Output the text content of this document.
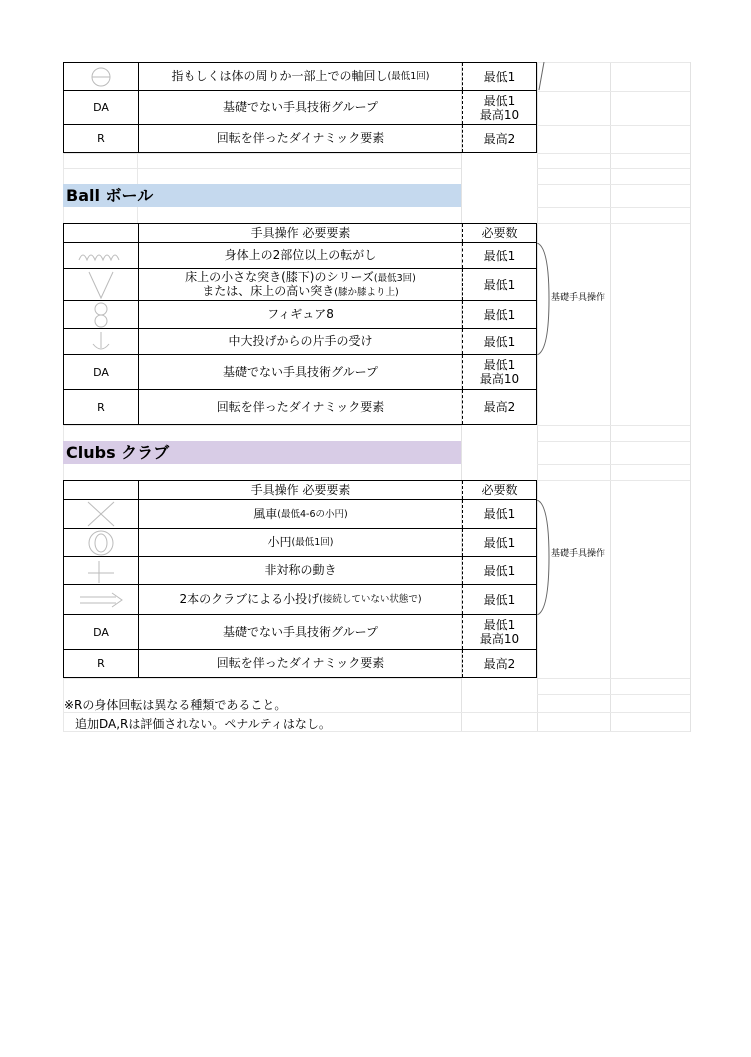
指もしくは体の周りか一部上での軸回し (最低1回)	最低1
DA	基礎でない手具技術グループ	最低1
最高10
R	回転を伴ったダイナミック要素	最高2
Ball ボール
手具操作 必要要素	必要数
身体上の2部位以上の転がし	最低1
床上の小さな突き(膝下)のシリーズ(最低3回)
または、床上の高い突き(膝か膝より上)
最低1
フィギュア8	最低1
中大投げからの片手の受け	最低1
DA	基礎でない手具技術グループ	最低1
最高10
R	回転を伴ったダイナミック要素	最高2
基礎手具操作
Clubs クラブ
手具操作 必要要素	必要数
風車 (最低4-6の小円)	最低1
小円 (最低1回)	最低1
非対称の動き	最低1
2本のクラブによる小投げ (接続していない状態で)	最低1
DA	基礎でない手具技術グループ	最低1
最高10
R	回転を伴ったダイナミック要素	最高2
基礎手具操作
※Rの身体回転は異なる種類であること。
追加DA,Rは評価されない。ペナルティはなし。
